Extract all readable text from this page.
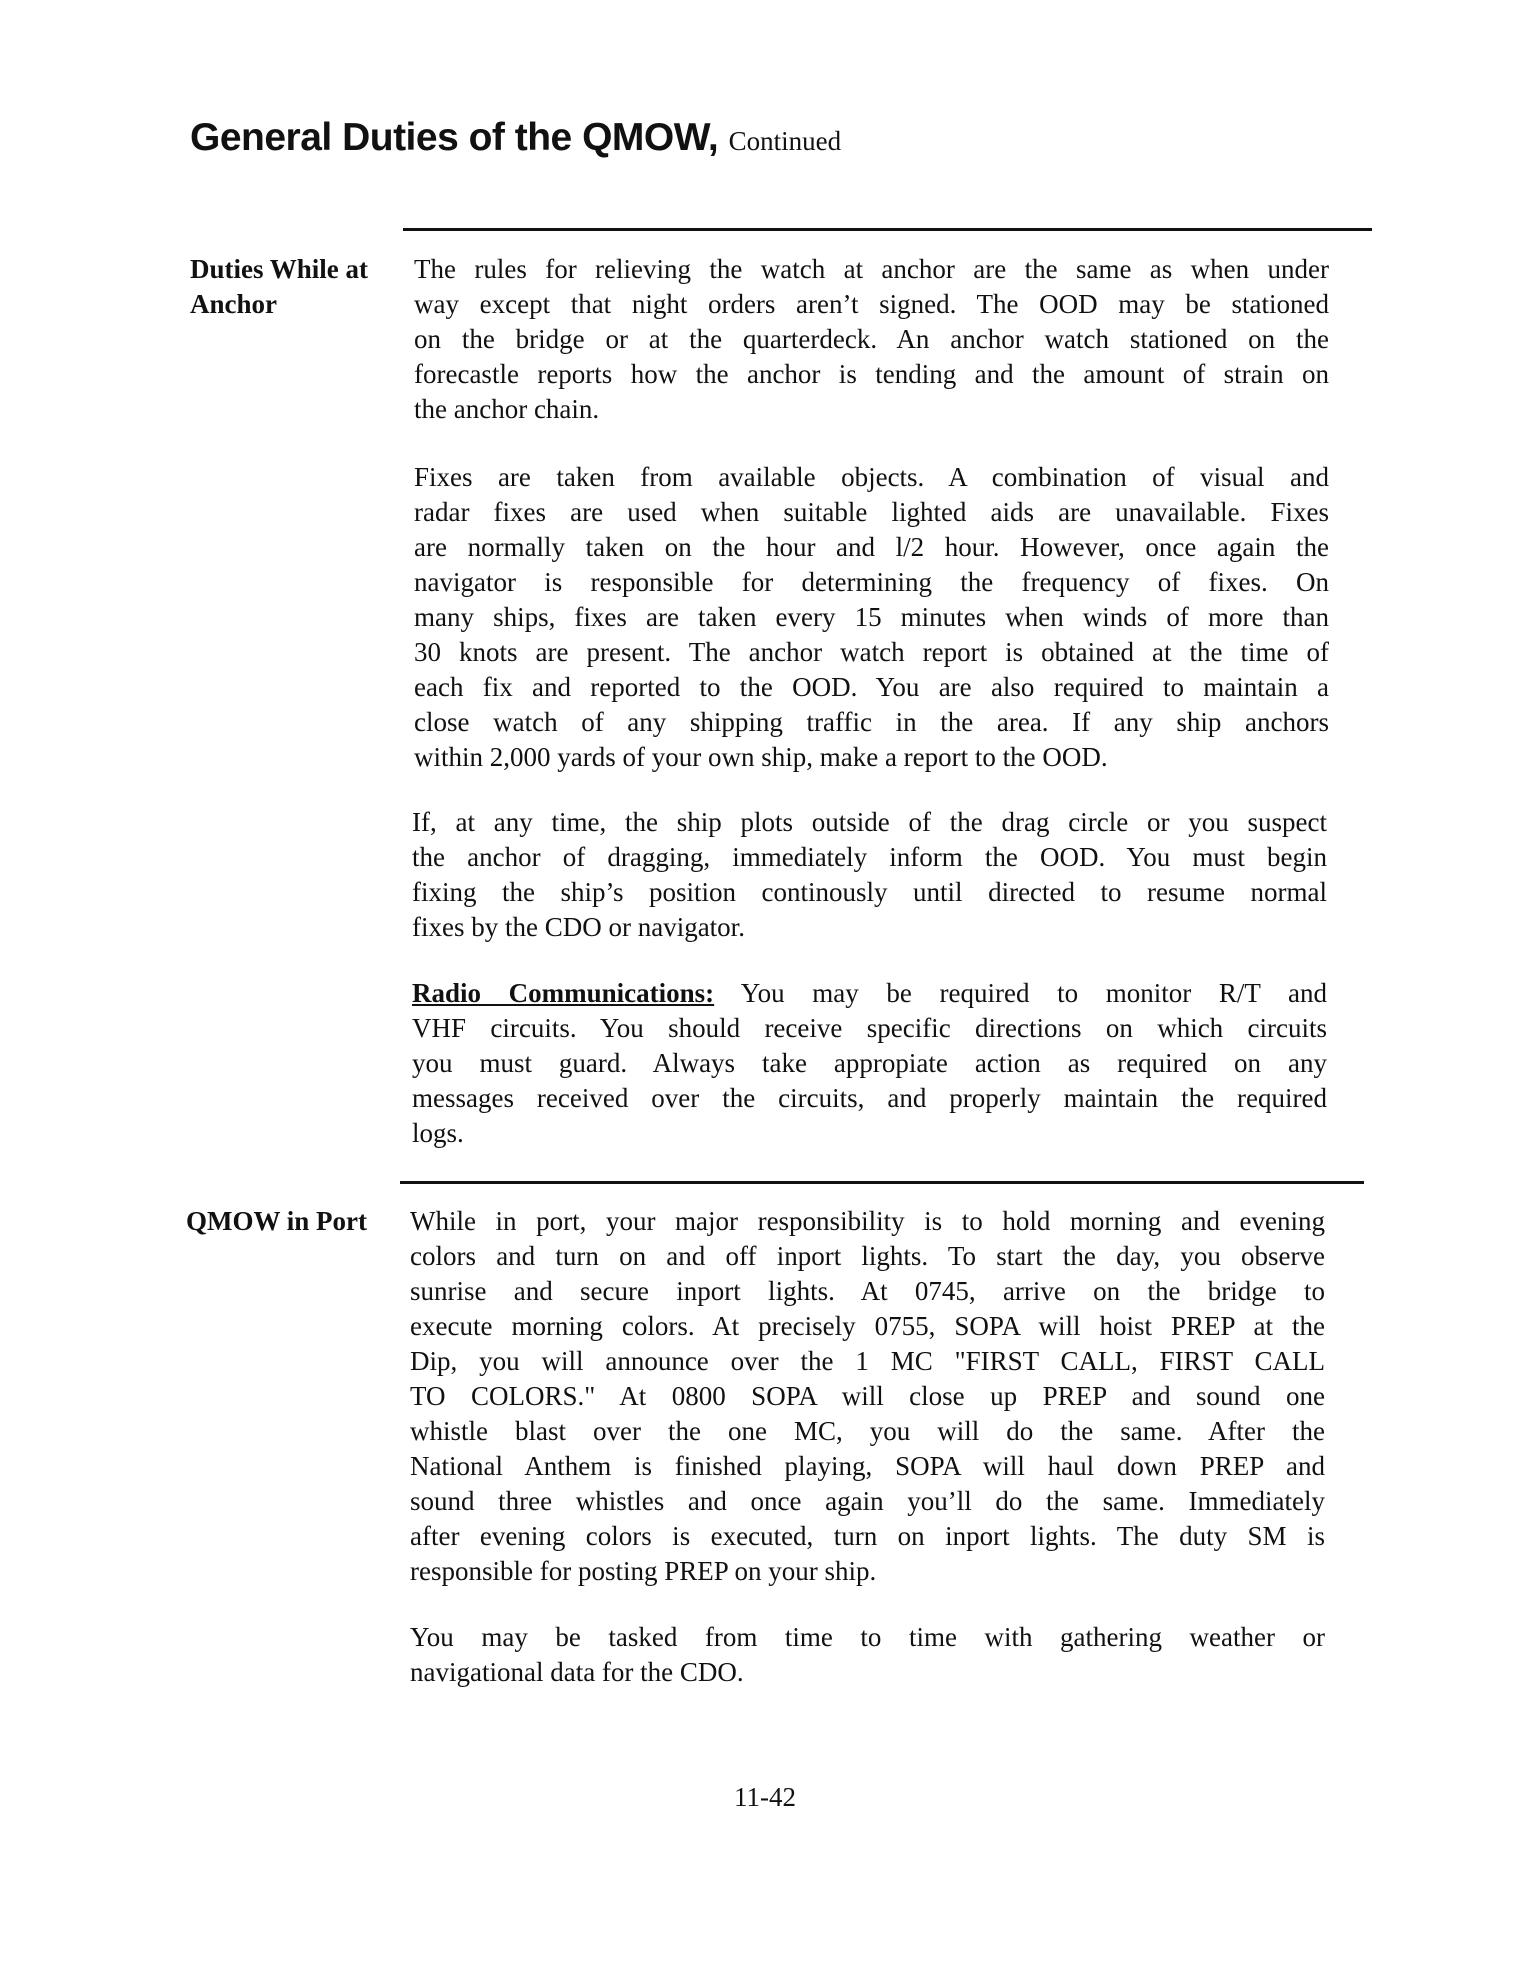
General Duties of the QMOW, Continued
Duties While at
Anchor
The rules for relieving the watch at anchor are the same as when under
way except that night orders aren’t signed. The OOD may be stationed
on the bridge or at the quarterdeck. An anchor watch stationed on the
forecastle reports how the anchor is tending and the amount of strain on
the anchor chain.
Fixes are taken from available objects. A combination of visual and
radar fixes are used when suitable lighted aids are unavailable. Fixes
are normally taken on the hour and l/2 hour. However, once again the
navigator is responsible for determining the frequency of fixes. On
many ships, fixes are taken every 15 minutes when winds of more than
30 knots are present. The anchor watch report is obtained at the time of
each fix and reported to the OOD. You are also required to maintain a
close watch of any shipping traffic in the area. If any ship anchors
within 2,000 yards of your own ship, make a report to the OOD.
If, at any time, the ship plots outside of the drag circle or you suspect
the anchor of dragging, immediately inform the OOD. You must begin
fixing the ship’s position continously until directed to resume normal
fixes by the CDO or navigator.
Radio Communications: You may be required to monitor R/T and
VHF circuits. You should receive specific directions on which circuits
you must guard. Always take appropiate action as required on any
messages received over the circuits, and properly maintain the required
logs.
QMOW in Port While in port, your major responsibility is to hold morning and evening
colors and turn on and off inport lights. To start the day, you observe
sunrise and secure inport lights. At 0745, arrive on the bridge to
execute morning colors. At precisely 0755, SOPA will hoist PREP at the
Dip, you will announce over the 1 MC "FIRST CALL, FIRST CALL
TO COLORS." At 0800 SOPA will close up PREP and sound one
whistle blast over the one MC, you will do the same. After the
National Anthem is finished playing, SOPA will haul down PREP and
sound three whistles and once again you’ll do the same. Immediately
after evening colors is executed, turn on inport lights. The duty SM is
responsible for posting PREP on your ship.
You may be tasked from time to time with gathering weather or
navigational data for the CDO.
11-42
